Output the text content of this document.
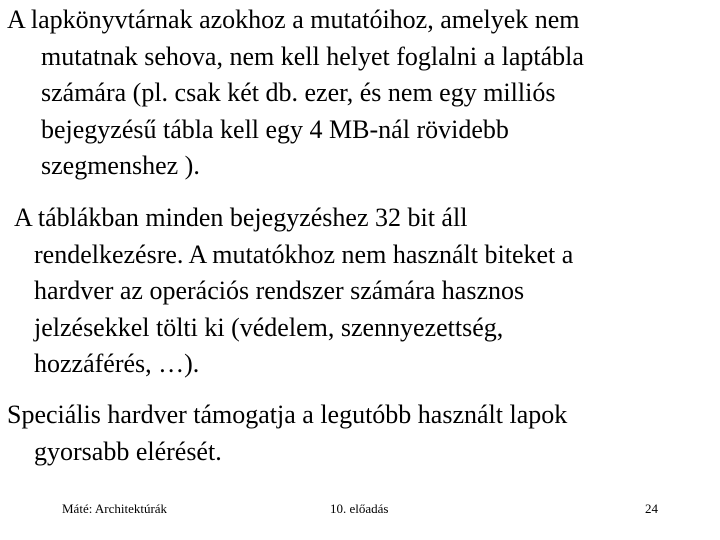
A lapkönyvtárnak azokhoz a mutatóihoz, amelyek nem
mutatnak sehova, nem kell helyet foglalni a laptábla
számára (pl. csak két db. ezer, és nem egy milliós
bejegyzésű tábla kell egy 4 MB-nál rövidebb
szegmenshez ).

A táblákban minden bejegyzéshez 32 bit áll
rendelkezésre. A mutatókhoz nem használt biteket a
hardver az operációs rendszer számára hasznos
jelzésekkel tölti ki (védelem, szennyezettség,
hozzáférés, …).

Speciális hardver támogatja a legutóbb használt lapok
gyorsabb elérését.

Máté: Architektúrák	10. előadás	24
